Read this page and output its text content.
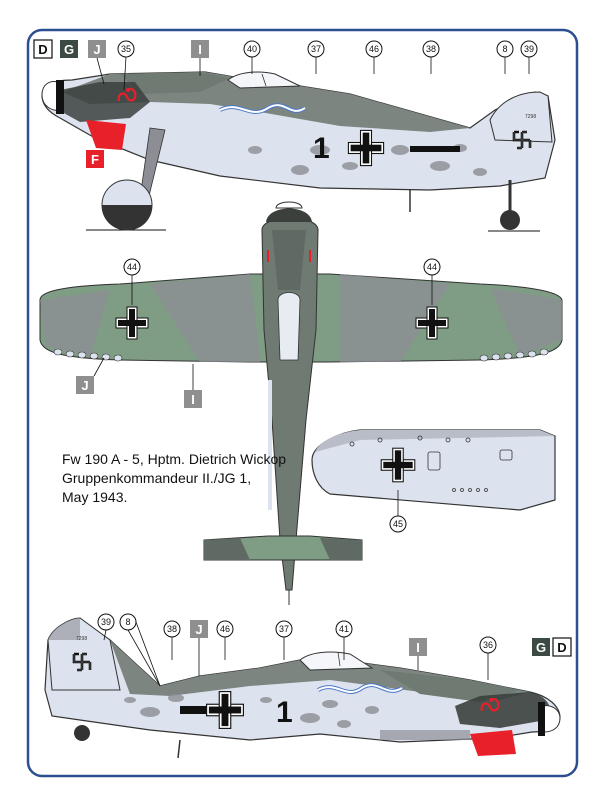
7298
1
D G J	I
F
35	40	37	46	38	8 39
44	44
J
I
45
7298
1
39 8
38	46	37	41
36
J
I	G D
Fw 190 A - 5, Hptm. Dietrich Wickop
Gruppenkommandeur II./JG 1,
May 1943.
